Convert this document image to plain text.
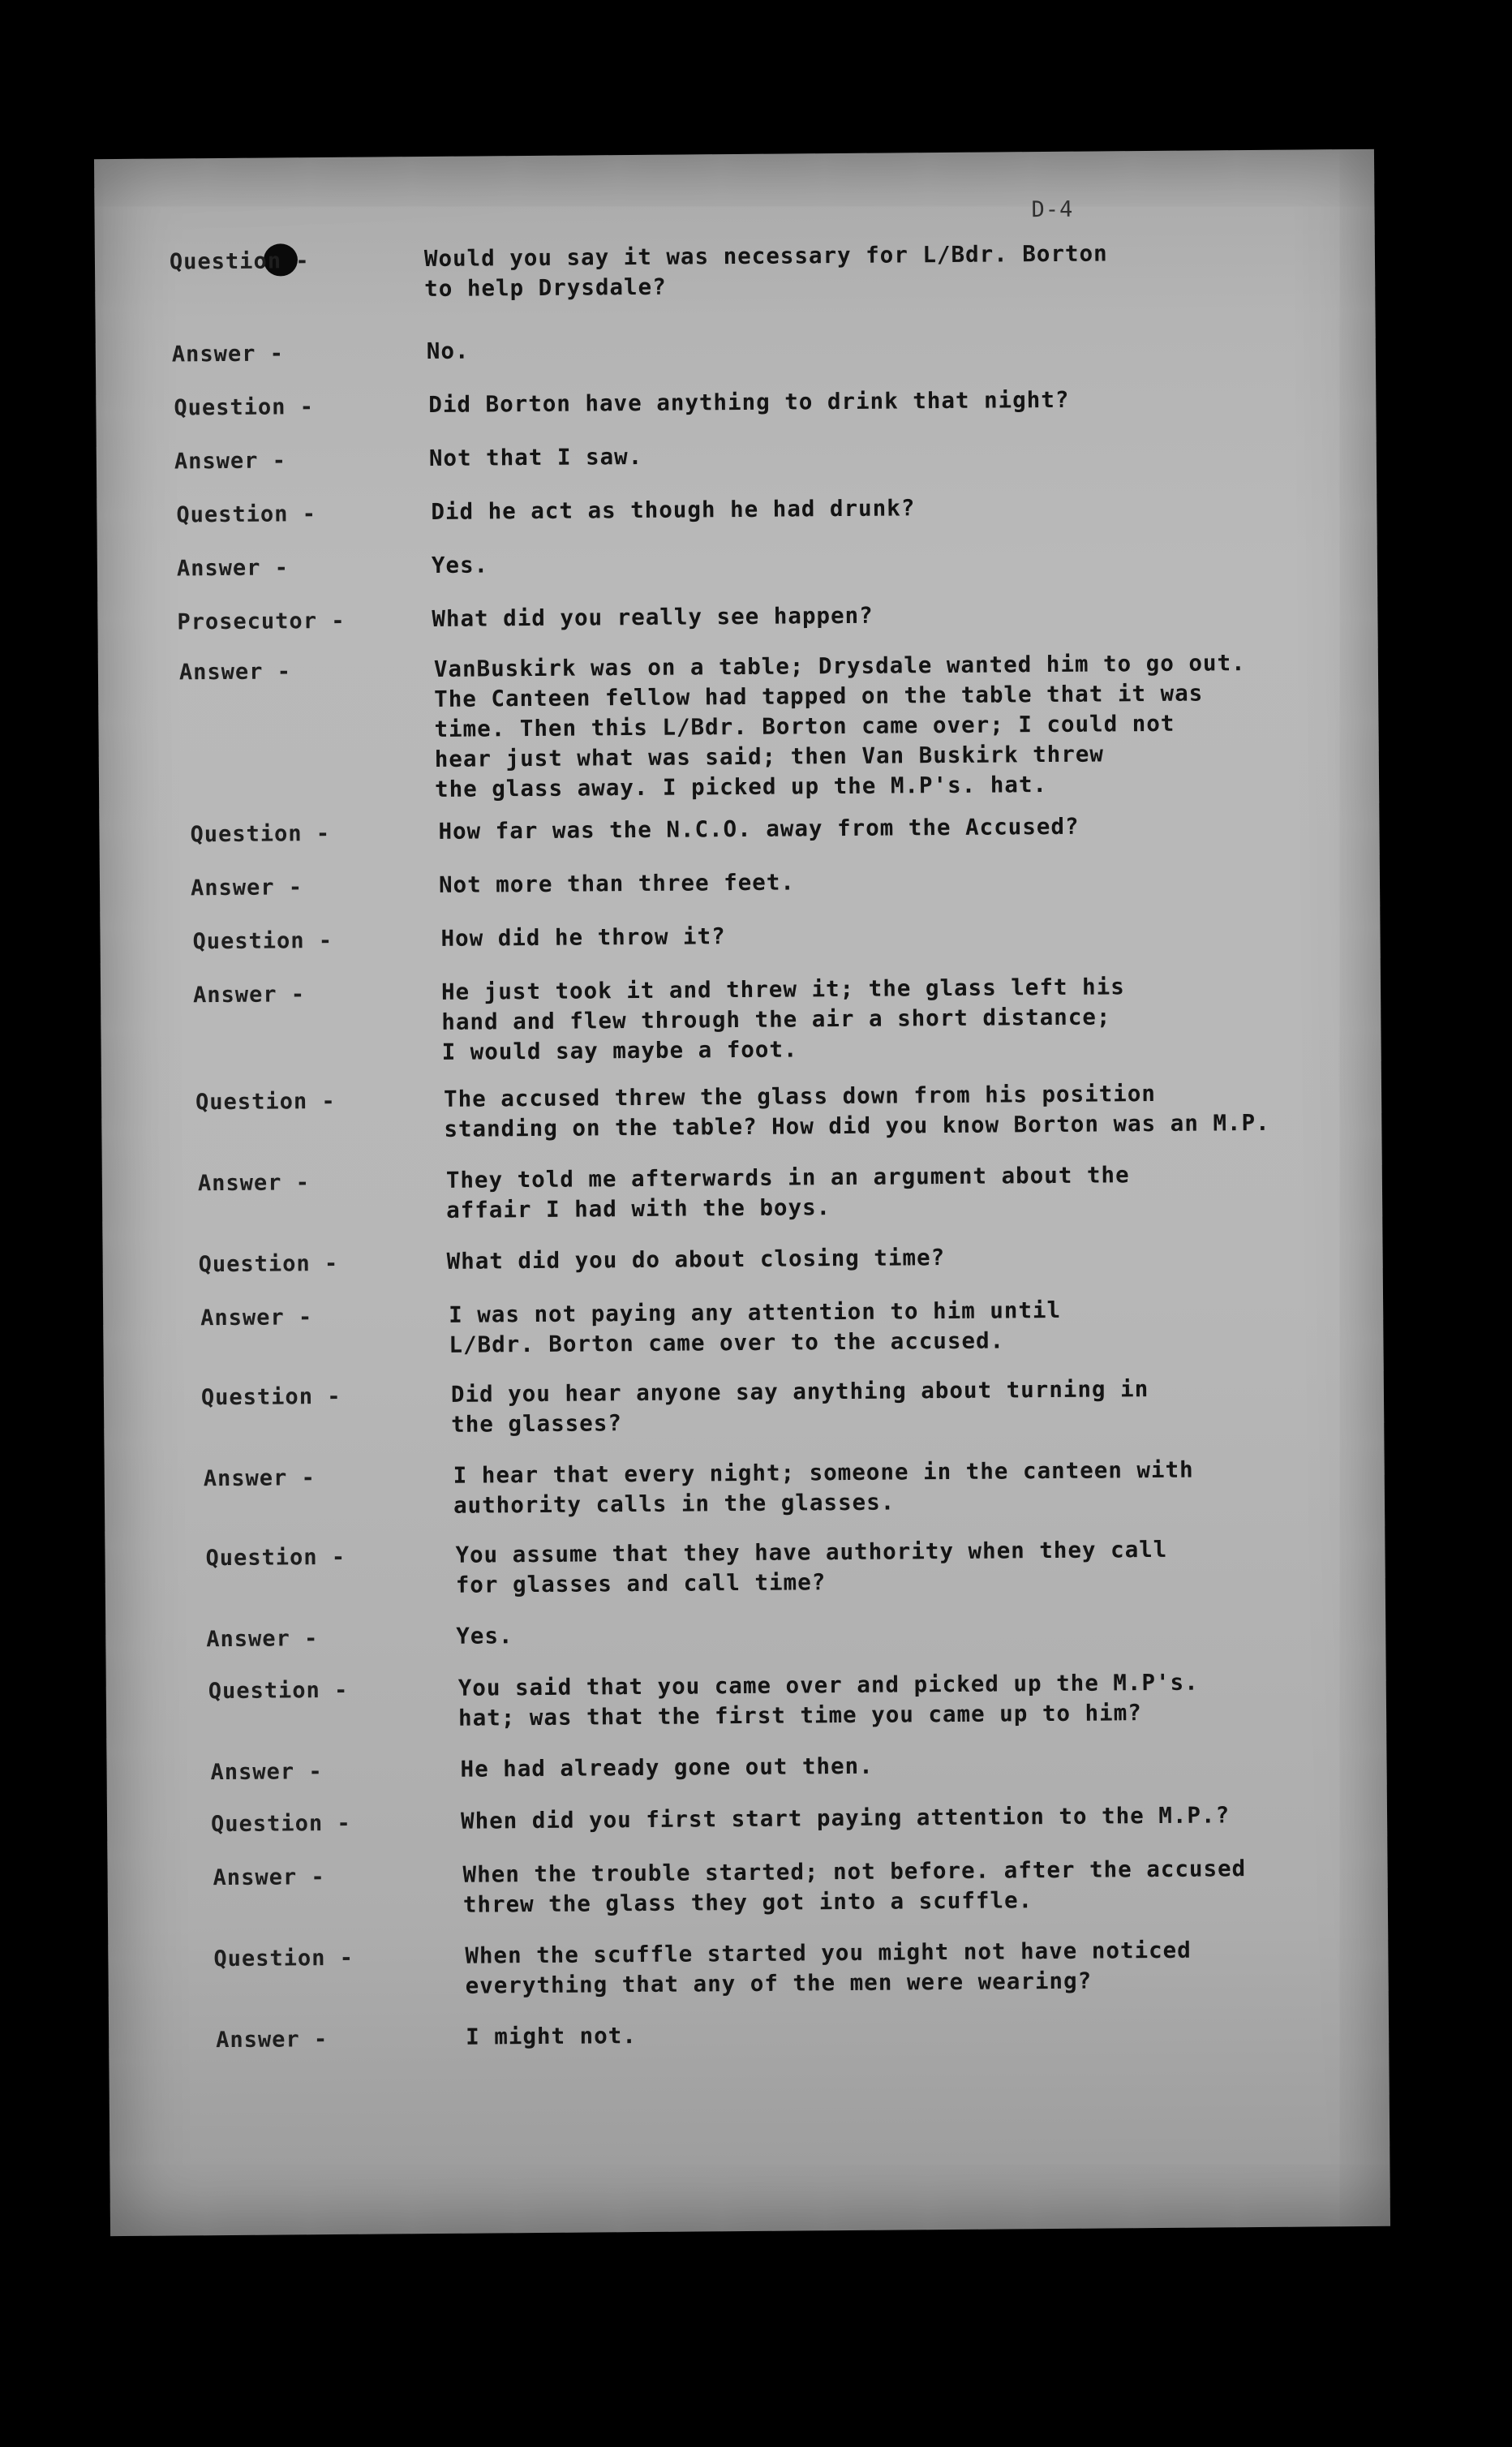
D-4
Question -	Would you say it was necessary for L/Bdr. Borton
to help Drysdale?
Answer -	No.
Question -	Did Borton have anything to drink that night?
Answer -	Not that I saw.
Question -	Did he act as though he had drunk?
Answer -	Yes.
Prosecutor -	What did you really see happen?
Answer -	VanBuskirk was on a table; Drysdale wanted him to go out.
The Canteen fellow had tapped on the table that it was
time. Then this L/Bdr. Borton came over; I could not
hear just what was said; then Van Buskirk threw
the glass away. I picked up the M.P's. hat.
Question -	How far was the N.C.O. away from the Accused?
Answer -	Not more than three feet.
Question -	How did he throw it?
Answer -	He just took it and threw it; the glass left his
hand and flew through the air a short distance;
I would say maybe a foot.
Question -	The accused threw the glass down from his position
standing on the table? How did you know Borton was an M.P.
Answer -	They told me afterwards in an argument about the
affair I had with the boys.
Question -	What did you do about closing time?
Answer -	I was not paying any attention to him until
L/Bdr. Borton came over to the accused.
Question -	Did you hear anyone say anything about turning in
the glasses?
Answer -	I hear that every night; someone in the canteen with
authority calls in the glasses.
Question -	You assume that they have authority when they call
for glasses and call time?
Answer -	Yes.
Question -	You said that you came over and picked up the M.P's.
hat; was that the first time you came up to him?
Answer -	He had already gone out then.
Question -	When did you first start paying attention to the M.P.?
Answer -	When the trouble started; not before. after the accused
threw the glass they got into a scuffle.
Question -	When the scuffle started you might not have noticed
everything that any of the men were wearing?
Answer -	I might not.
